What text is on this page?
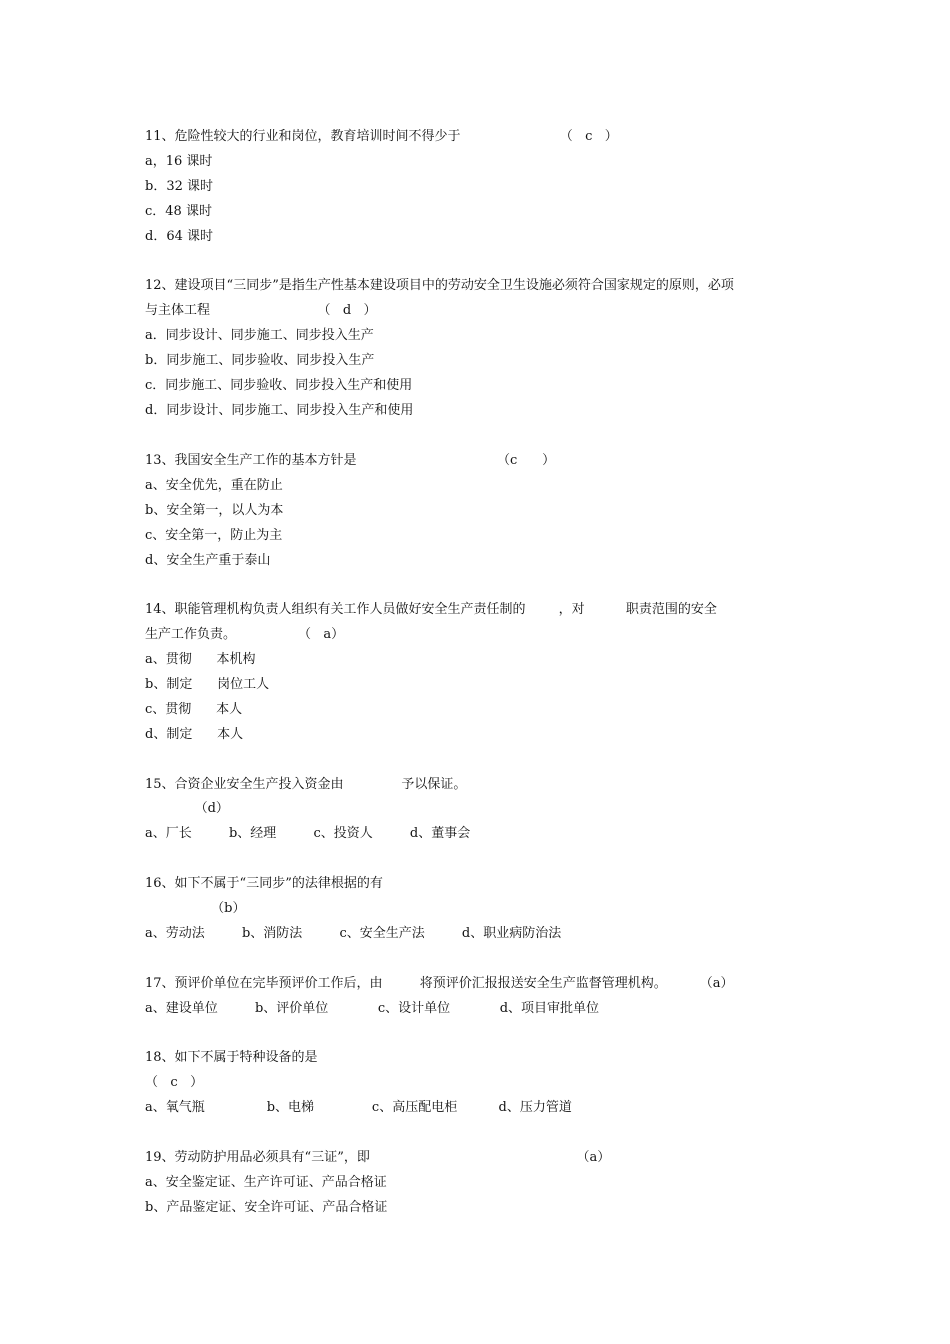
11、危险性较大的行业和岗位，教育培训时间不得少于                        （   c   ）
a，16 课时
b．32 课时
c．48 课时
d．64 课时
12、建设项目“三同步”是指生产性基本建设项目中的劳动安全卫生设施必须符合国家规定的原则，必项
与主体工程                          （   d   ）
a．同步设计、同步施工、同步投入生产
b．同步施工、同步验收、同步投入生产
c．同步施工、同步验收、同步投入生产和使用
d．同步设计、同步施工、同步投入生产和使用
13、我国安全生产工作的基本方针是                                  （c      ）
a、安全优先，重在防止
b、安全第一，以人为本
c、安全第一，防止为主
d、安全生产重于泰山
14、职能管理机构负责人组织有关工作人员做好安全生产责任制的        ，对          职责范围的安全
生产工作负责。               （   a）
a、贯彻      本机构
b、制定      岗位工人
c、贯彻      本人
d、制定      本人
15、合资企业安全生产投入资金由              予以保证。
（d）
a、厂长         b、经理         c、投资人         d、董事会
16、如下不属于“三同步”的法律根据的有
（b）
a、劳动法         b、消防法         c、安全生产法         d、职业病防治法
17、预评价单位在完毕预评价工作后，由         将预评价汇报报送安全生产监督管理机构。        （a）
a、建设单位         b、评价单位            c、设计单位            d、项目审批单位
18、如下不属于特种设备的是
（   c   ）
a、氧气瓶               b、电梯              c、高压配电柜          d、压力管道
19、劳动防护用品必须具有“三证”，即                                                  （a）
a、安全鉴定证、生产许可证、产品合格证
b、产品鉴定证、安全许可证、产品合格证
